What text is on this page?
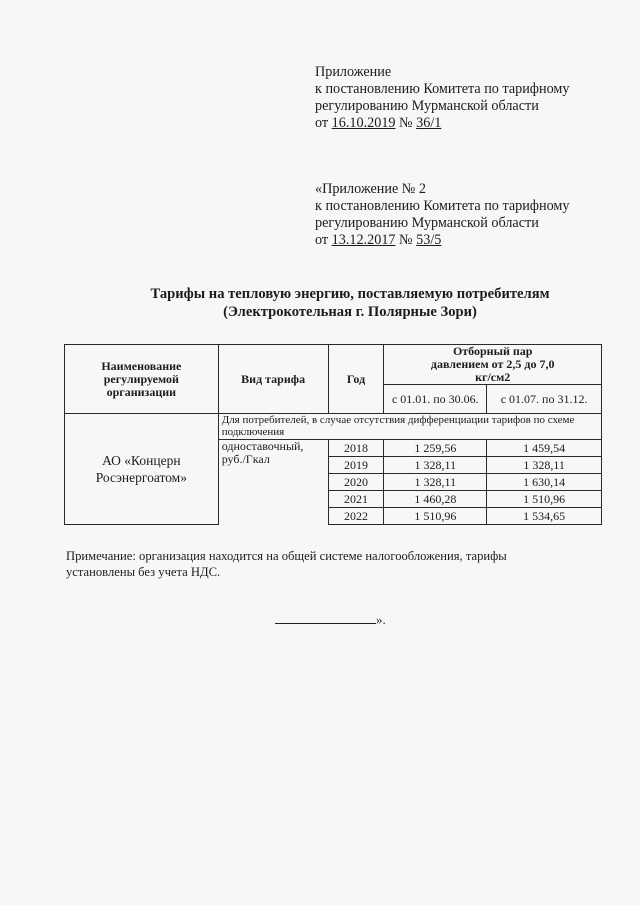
Приложение
к постановлению Комитета по тарифному
регулированию Мурманской области
от 16.10.2019 № 36/1
«Приложение № 2
к постановлению Комитета по тарифному
регулированию Мурманской области
от 13.12.2017 № 53/5
Тарифы на тепловую энергию, поставляемую потребителям
(Электрокотельная г. Полярные Зори)
Наименование регулируемой организации	Вид тарифа	Год	Отборный пар давлением от 2,5 до 7,0 кг/см2	
			с 01.01. по 30.06.	с 01.07. по 31.12.
АО «Концерн Росэнергоатом»	Для потребителей, в случае отсутствия дифференциации тарифов по схеме подключения			
	одноставочный, руб./Гкал	2018	1 259,56	1 459,54
		2019	1 328,11	1 328,11
		2020	1 328,11	1 630,14
		2021	1 460,28	1 510,96
		2022	1 510,96	1 534,65
Примечание: организация находится на общей системе налогообложения, тарифы
установлены без учета НДС.
».
